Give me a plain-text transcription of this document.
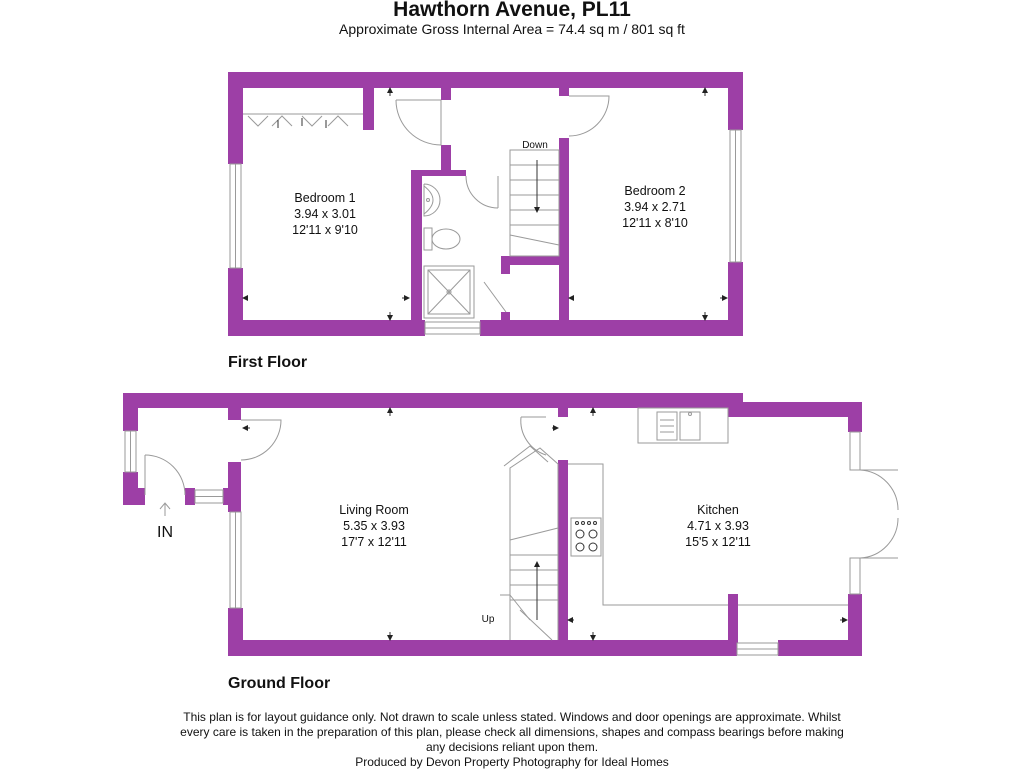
Hawthorn Avenue, PL11
Approximate Gross Internal Area = 74.4 sq m / 801 sq ft
Down
Bedroom 1
3.94 x 3.01
12'11 x 9'10
Bedroom 2
3.94 x 2.71
12'11 x 8'10
First Floor
Living Room
5.35 x 3.93
17'7 x 12'11
Kitchen
4.71 x 3.93
15'5 x 12'11
Up
IN
Ground Floor
This plan is for layout guidance only. Not drawn to scale unless stated. Windows and door openings are approximate. Whilst every care is taken in the preparation of this plan, please check all dimensions, shapes and compass bearings before making any decisions reliant upon them.
Produced by Devon Property Photography for Ideal Homes
